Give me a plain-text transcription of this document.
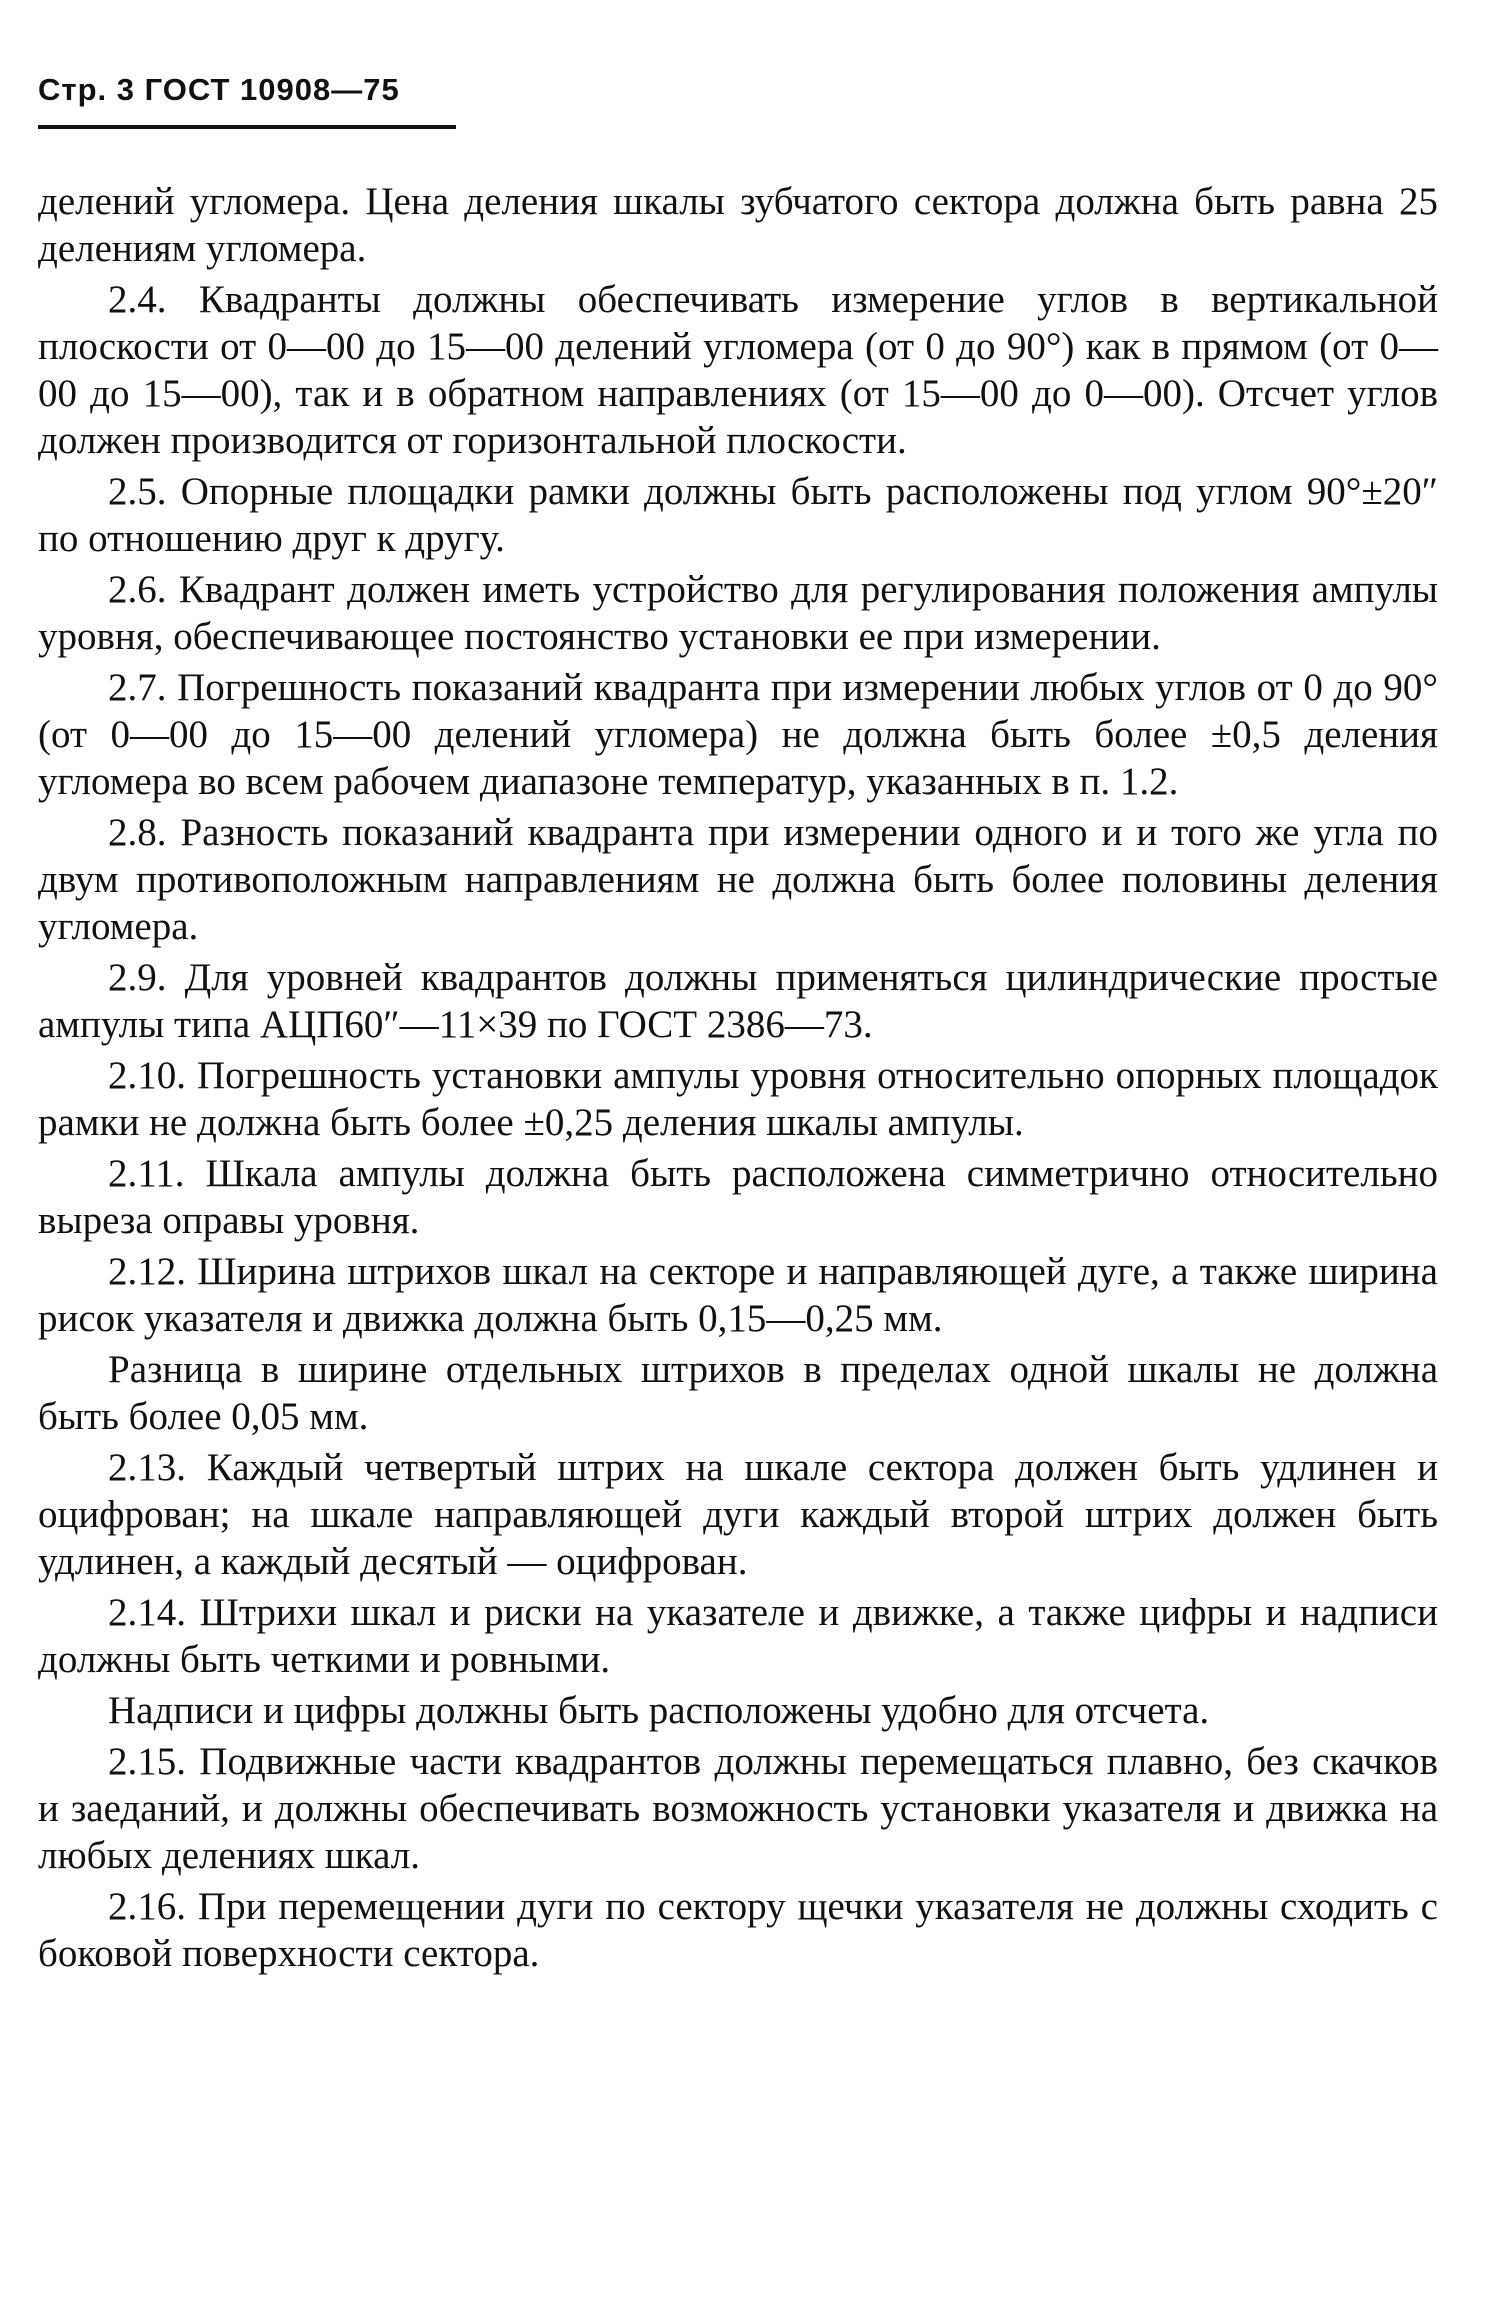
Стр. 3 ГОСТ 10908—75

делений угломера. Цена деления шкалы зубчатого сектора должна быть равна 25 делениям угломера.

2.4. Квадранты должны обеспечивать измерение углов в вертикальной плоскости от 0—00 до 15—00 делений угломера (от 0 до 90°) как в прямом (от 0—00 до 15—00), так и в обратном направлениях (от 15—00 до 0—00). Отсчет углов должен производится от горизонтальной плоскости.

2.5. Опорные площадки рамки должны быть расположены под углом 90°±20″ по отношению друг к другу.

2.6. Квадрант должен иметь устройство для регулирования положения ампулы уровня, обеспечивающее постоянство установки ее при измерении.

2.7. Погрешность показаний квадранта при измерении любых углов от 0 до 90° (от 0—00 до 15—00 делений угломера) не должна быть более ±0,5 деления угломера во всем рабочем диапазоне температур, указанных в п. 1.2.

2.8. Разность показаний квадранта при измерении одного и и того же угла по двум противоположным направлениям не должна быть более половины деления угломера.

2.9. Для уровней квадрантов должны применяться цилиндрические простые ампулы типа АЦП60″—11×39 по ГОСТ 2386—73.

2.10. Погрешность установки ампулы уровня относительно опорных площадок рамки не должна быть более ±0,25 деления шкалы ампулы.

2.11. Шкала ампулы должна быть расположена симметрично относительно выреза оправы уровня.

2.12. Ширина штрихов шкал на секторе и направляющей дуге, а также ширина рисок указателя и движка должна быть 0,15—0,25 мм.

Разница в ширине отдельных штрихов в пределах одной шкалы не должна быть более 0,05 мм.

2.13. Каждый четвертый штрих на шкале сектора должен быть удлинен и оцифрован; на шкале направляющей дуги каждый второй штрих должен быть удлинен, а каждый десятый — оцифрован.

2.14. Штрихи шкал и риски на указателе и движке, а также цифры и надписи должны быть четкими и ровными.

Надписи и цифры должны быть расположены удобно для отсчета.

2.15. Подвижные части квадрантов должны перемещаться плавно, без скачков и заеданий, и должны обеспечивать возможность установки указателя и движка на любых делениях шкал.

2.16. При перемещении дуги по сектору щечки указателя не должны сходить с боковой поверхности сектора.
